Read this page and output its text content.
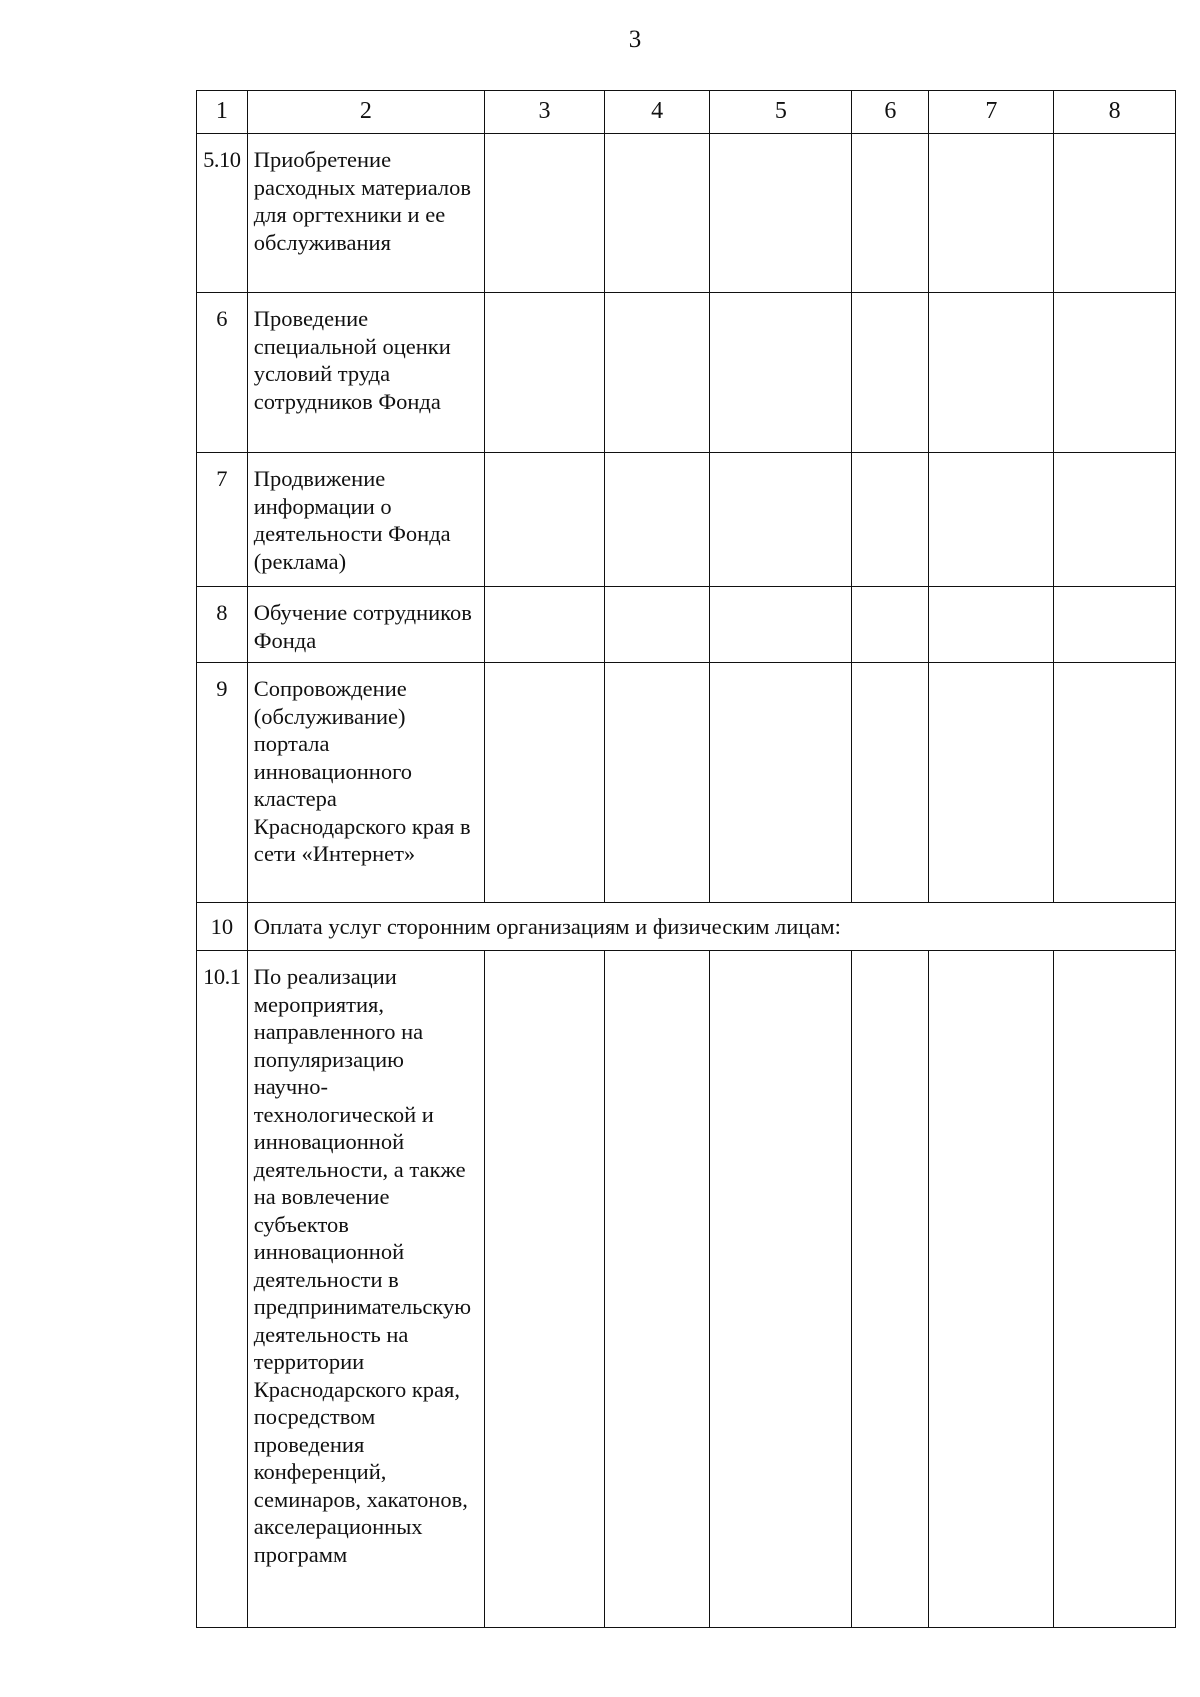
3
1	2	3	4	5	6	7	8
5.10	Приобретение расходных материалов для оргтехники и ее обслуживания						
6	Проведение специальной оценки условий труда сотрудников Фонда						
7	Продвижение информации о деятельности Фонда (реклама)						
8	Обучение сотрудников Фонда						
9	Сопровождение (обслуживание) портала инновационного кластера Краснодарского края в сети «Интернет»						
10	Оплата услуг сторонним организациям и физическим лицам:						
10.1	По реализации мероприятия, направленного на популяризацию научно-технологической и инновационной деятельности, а также на вовлечение субъектов инновационной деятельности в предпринимательскую деятельность на территории Краснодарского края, посредством проведения конференций, семинаров, хакатонов, акселерационных программ						
